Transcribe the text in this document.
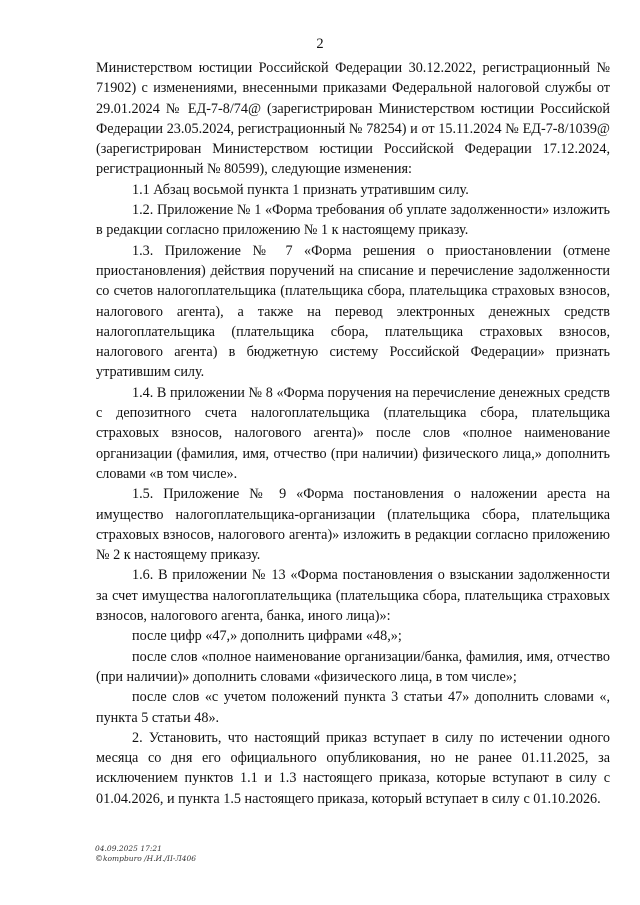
2

Министерством юстиции Российской Федерации 30.12.2022, регистрационный № 71902) с изменениями, внесенными приказами Федеральной налоговой службы от 29.01.2024 № ЕД-7-8/74@ (зарегистрирован Министерством юстиции Российской Федерации 23.05.2024, регистрационный № 78254) и от 15.11.2024 № ЕД-7-8/1039@ (зарегистрирован Министерством юстиции Российской Федерации 17.12.2024, регистрационный № 80599), следующие изменения:

1.1 Абзац восьмой пункта 1 признать утратившим силу.

1.2. Приложение № 1 «Форма требования об уплате задолженности» изложить в редакции согласно приложению № 1 к настоящему приказу.

1.3. Приложение № 7 «Форма решения о приостановлении (отмене приостановления) действия поручений на списание и перечисление задолженности со счетов налогоплательщика (плательщика сбора, плательщика страховых взносов, налогового агента), а также на перевод электронных денежных средств налогоплательщика (плательщика сбора, плательщика страховых взносов, налогового агента) в бюджетную систему Российской Федерации» признать утратившим силу.

1.4. В приложении № 8 «Форма поручения на перечисление денежных средств с депозитного счета налогоплательщика (плательщика сбора, плательщика страховых взносов, налогового агента)» после слов «полное наименование организации (фамилия, имя, отчество (при наличии) физического лица,» дополнить словами «в том числе».

1.5. Приложение № 9 «Форма постановления о наложении ареста на имущество налогоплательщика-организации (плательщика сбора, плательщика страховых взносов, налогового агента)» изложить в редакции согласно приложению № 2 к настоящему приказу.

1.6. В приложении № 13 «Форма постановления о взыскании задолженности за счет имущества налогоплательщика (плательщика сбора, плательщика страховых взносов, налогового агента, банка, иного лица)»:

после цифр «47,» дополнить цифрами «48,»;

после слов «полное наименование организации/банка, фамилия, имя, отчество (при наличии)» дополнить словами «физического лица, в том числе»;

после слов «с учетом положений пункта 3 статьи 47» дополнить словами «, пункта 5 статьи 48».

2. Установить, что настоящий приказ вступает в силу по истечении одного месяца со дня его официального опубликования, но не ранее 01.11.2025, за исключением пунктов 1.1 и 1.3 настоящего приказа, которые вступают в силу с 01.04.2026, и пункта 1.5 настоящего приказа, который вступает в силу с 01.10.2026.

04.09.2025 17:21
©kompburo /Н.И./II-Л406
